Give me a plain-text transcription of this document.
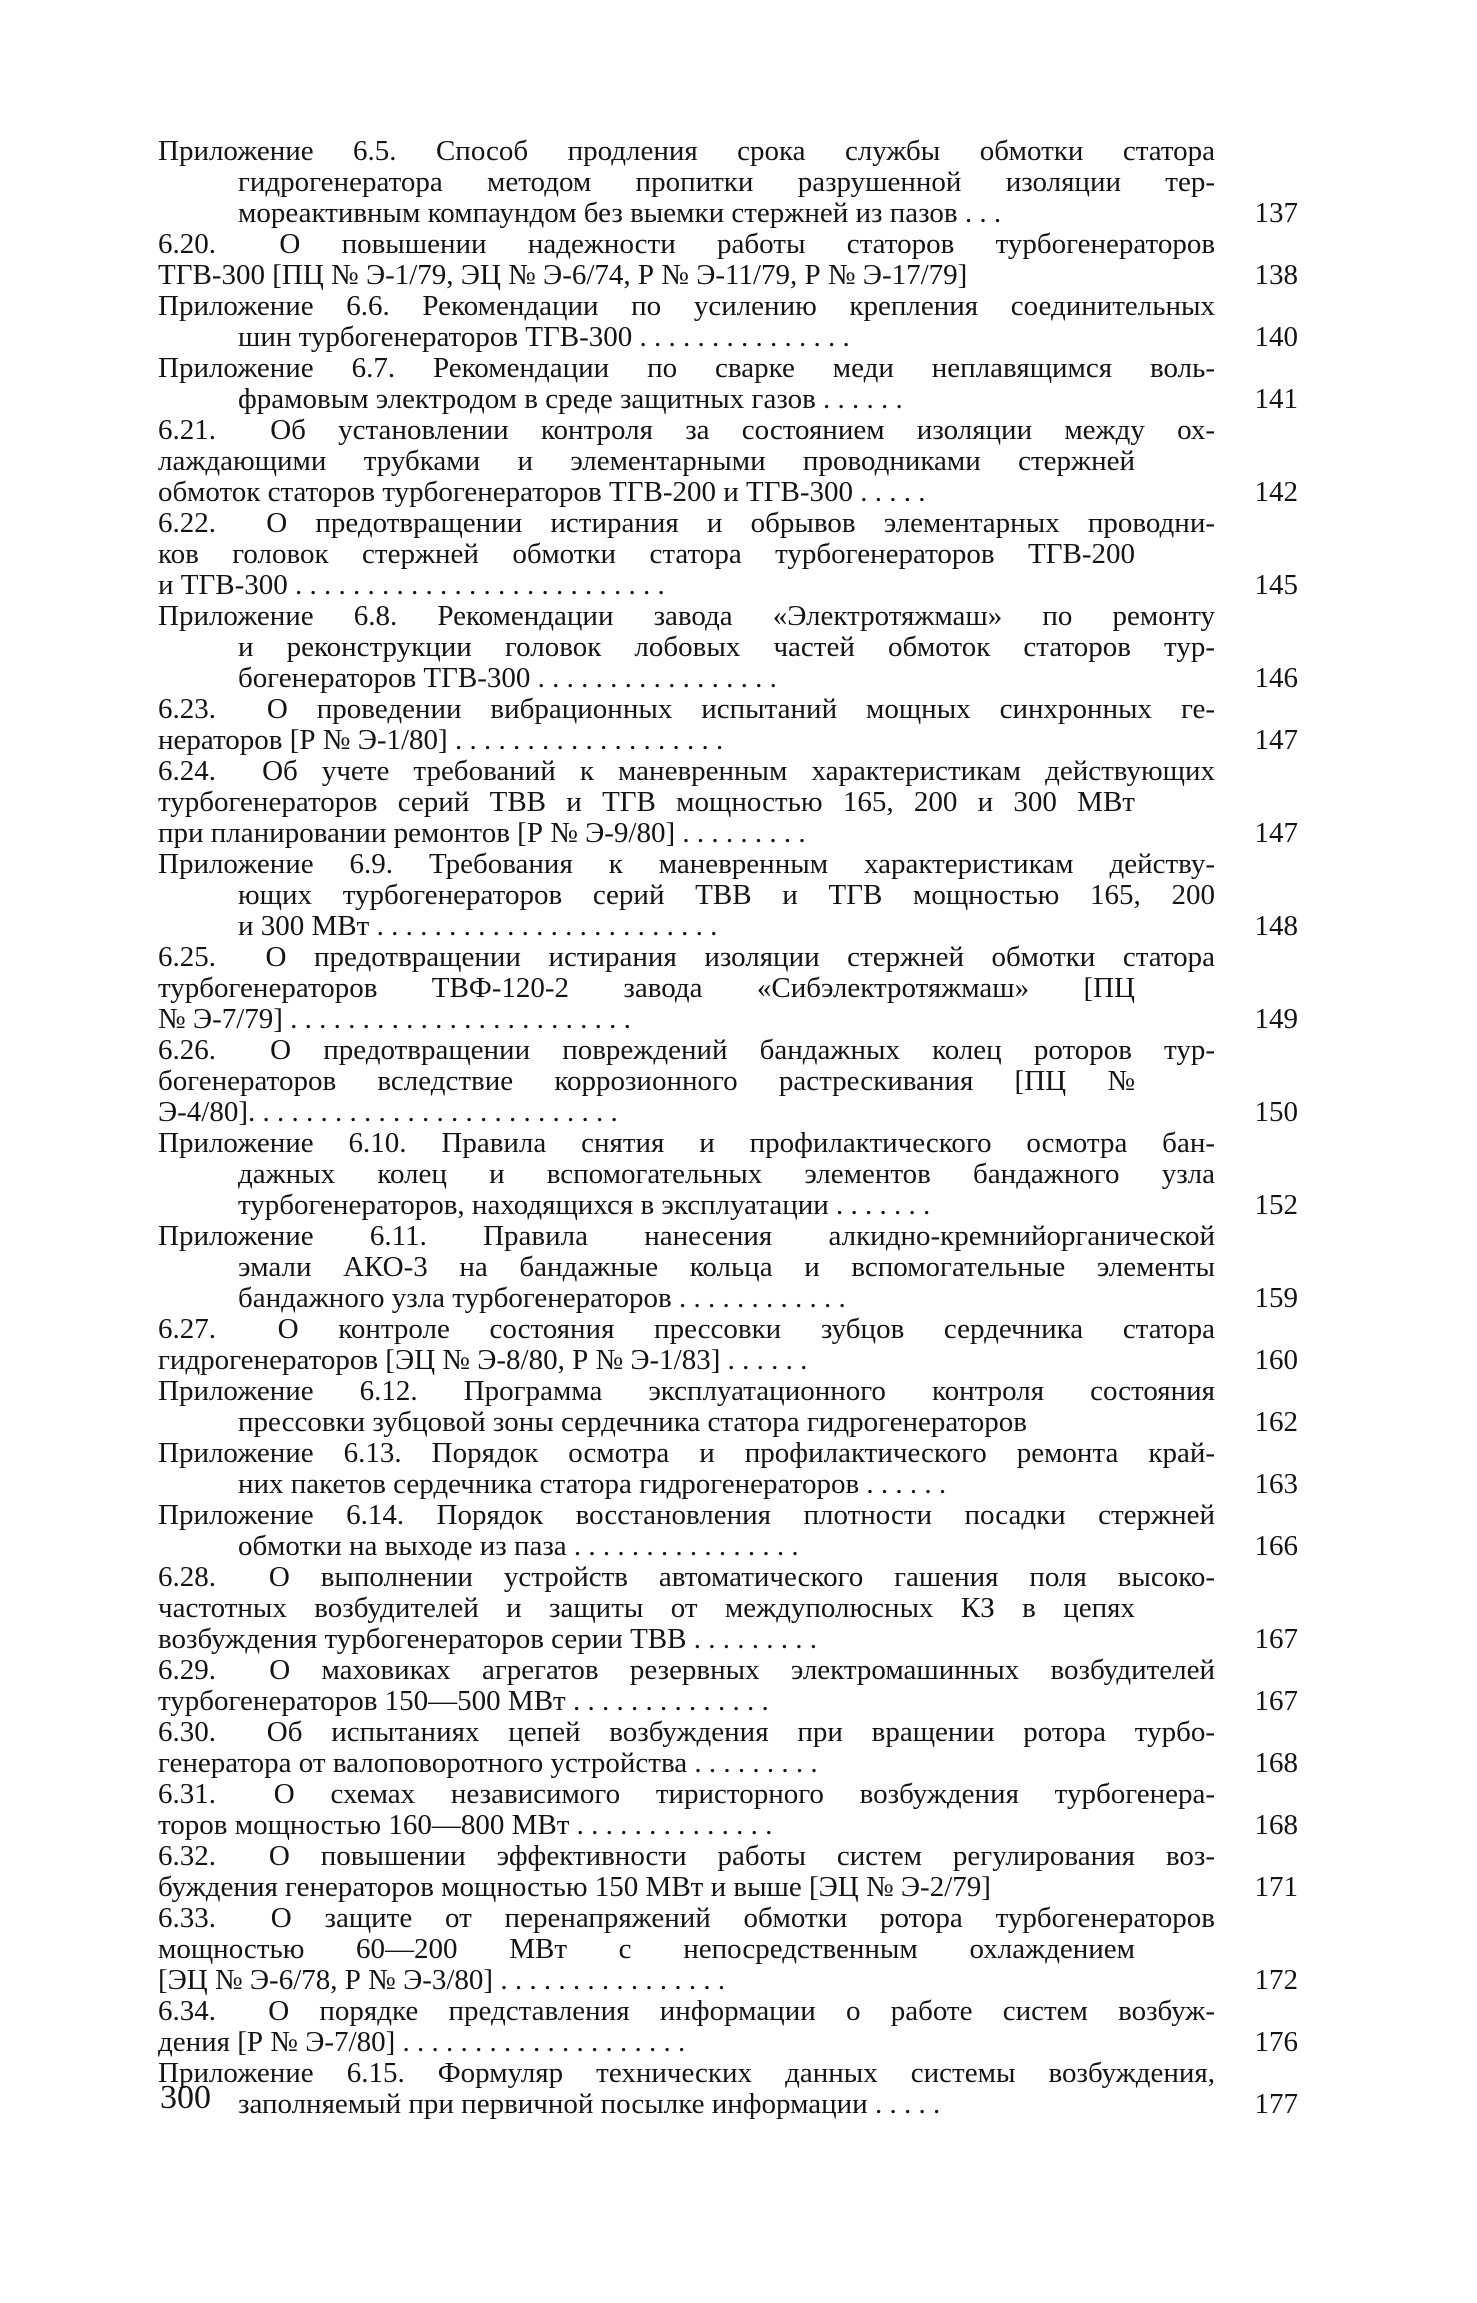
Приложение 6.5. Способ продления срока службы обмотки статора
гидрогенератора методом пропитки разрушенной изоляции тер-
мореактивным компаундом без выемки стержней из пазов . . .	137
6.20. О повышении надежности работы статоров турбогенераторов
ТГВ-300 [ПЦ № Э-1/79, ЭЦ № Э-6/74, Р № Э-11/79, Р № Э-17/79]	138
Приложение 6.6. Рекомендации по усилению крепления соединительных
шин турбогенераторов ТГВ-300 . . . . . . . . . . . . . . .	140
Приложение 6.7. Рекомендации по сварке меди неплавящимся воль-
фрамовым электродом в среде защитных газов . . . . . .	141
6.21. Об установлении контроля за состоянием изоляции между ох-
лаждающими трубками и элементарными проводниками стержней
обмоток статоров турбогенераторов ТГВ-200 и ТГВ-300 . . . . .	142
6.22. О предотвращении истирания и обрывов элементарных проводни-
ков головок стержней обмотки статора турбогенераторов ТГВ-200
и ТГВ-300 . . . . . . . . . . . . . . . . . . . . . . . . . .	145
Приложение 6.8. Рекомендации завода «Электротяжмаш» по ремонту
и реконструкции головок лобовых частей обмоток статоров тур-
богенераторов ТГВ-300 . . . . . . . . . . . . . . . . .	146
6.23. О проведении вибрационных испытаний мощных синхронных ге-
нераторов [Р № Э-1/80] . . . . . . . . . . . . . . . . . . .	147
6.24. Об учете требований к маневренным характеристикам действующих
турбогенераторов серий ТВВ и ТГВ мощностью 165, 200 и 300 МВт
при планировании ремонтов [Р № Э-9/80] . . . . . . . . .	147
Приложение 6.9. Требования к маневренным характеристикам действу-
ющих турбогенераторов серий ТВВ и ТГВ мощностью 165, 200
и 300 МВт . . . . . . . . . . . . . . . . . . . . . . . .	148
6.25. О предотвращении истирания изоляции стержней обмотки статора
турбогенераторов ТВФ-120-2 завода «Сибэлектротяжмаш» [ПЦ
№ Э-7/79] . . . . . . . . . . . . . . . . . . . . . . . .	149
6.26. О предотвращении повреждений бандажных колец роторов тур-
богенераторов вследствие коррозионного растрескивания [ПЦ №
Э-4/80]. . . . . . . . . . . . . . . . . . . . . . . . . .	150
Приложение 6.10. Правила снятия и профилактического осмотра бан-
дажных колец и вспомогательных элементов бандажного узла
турбогенераторов, находящихся в эксплуатации . . . . . . .	152
Приложение 6.11. Правила нанесения алкидно-кремнийорганической
эмали АКО-3 на бандажные кольца и вспомогательные элементы
бандажного узла турбогенераторов . . . . . . . . . . . .	159
6.27. О контроле состояния прессовки зубцов сердечника статора
гидрогенераторов [ЭЦ № Э-8/80, Р № Э-1/83] . . . . . .	160
Приложение 6.12. Программа эксплуатационного контроля состояния
прессовки зубцовой зоны сердечника статора гидрогенераторов	162
Приложение 6.13. Порядок осмотра и профилактического ремонта край-
них пакетов сердечника статора гидрогенераторов . . . . . .	163
Приложение 6.14. Порядок восстановления плотности посадки стержней
обмотки на выходе из паза . . . . . . . . . . . . . . . .	166
6.28. О выполнении устройств автоматического гашения поля высоко-
частотных возбудителей и защиты от междуполюсных КЗ в цепях
возбуждения турбогенераторов серии ТВВ . . . . . . . . .	167
6.29. О маховиках агрегатов резервных электромашинных возбудителей
турбогенераторов 150—500 МВт . . . . . . . . . . . . . .	167
6.30. Об испытаниях цепей возбуждения при вращении ротора турбо-
генератора от валоповоротного устройства . . . . . . . . .	168
6.31. О схемах независимого тиристорного возбуждения турбогенера-
торов мощностью 160—800 МВт . . . . . . . . . . . . . .	168
6.32. О повышении эффективности работы систем регулирования воз-
буждения генераторов мощностью 150 МВт и выше [ЭЦ № Э-2/79]	171
6.33. О защите от перенапряжений обмотки ротора турбогенераторов
мощностью 60—200 МВт с непосредственным охлаждением
[ЭЦ № Э-6/78, Р № Э-3/80] . . . . . . . . . . . . . . . .	172
6.34. О порядке представления информации о работе систем возбуж-
дения [Р № Э-7/80] . . . . . . . . . . . . . . . . . . . .	176
Приложение 6.15. Формуляр технических данных системы возбуждения,
заполняемый при первичной посылке информации . . . . .	177
300
